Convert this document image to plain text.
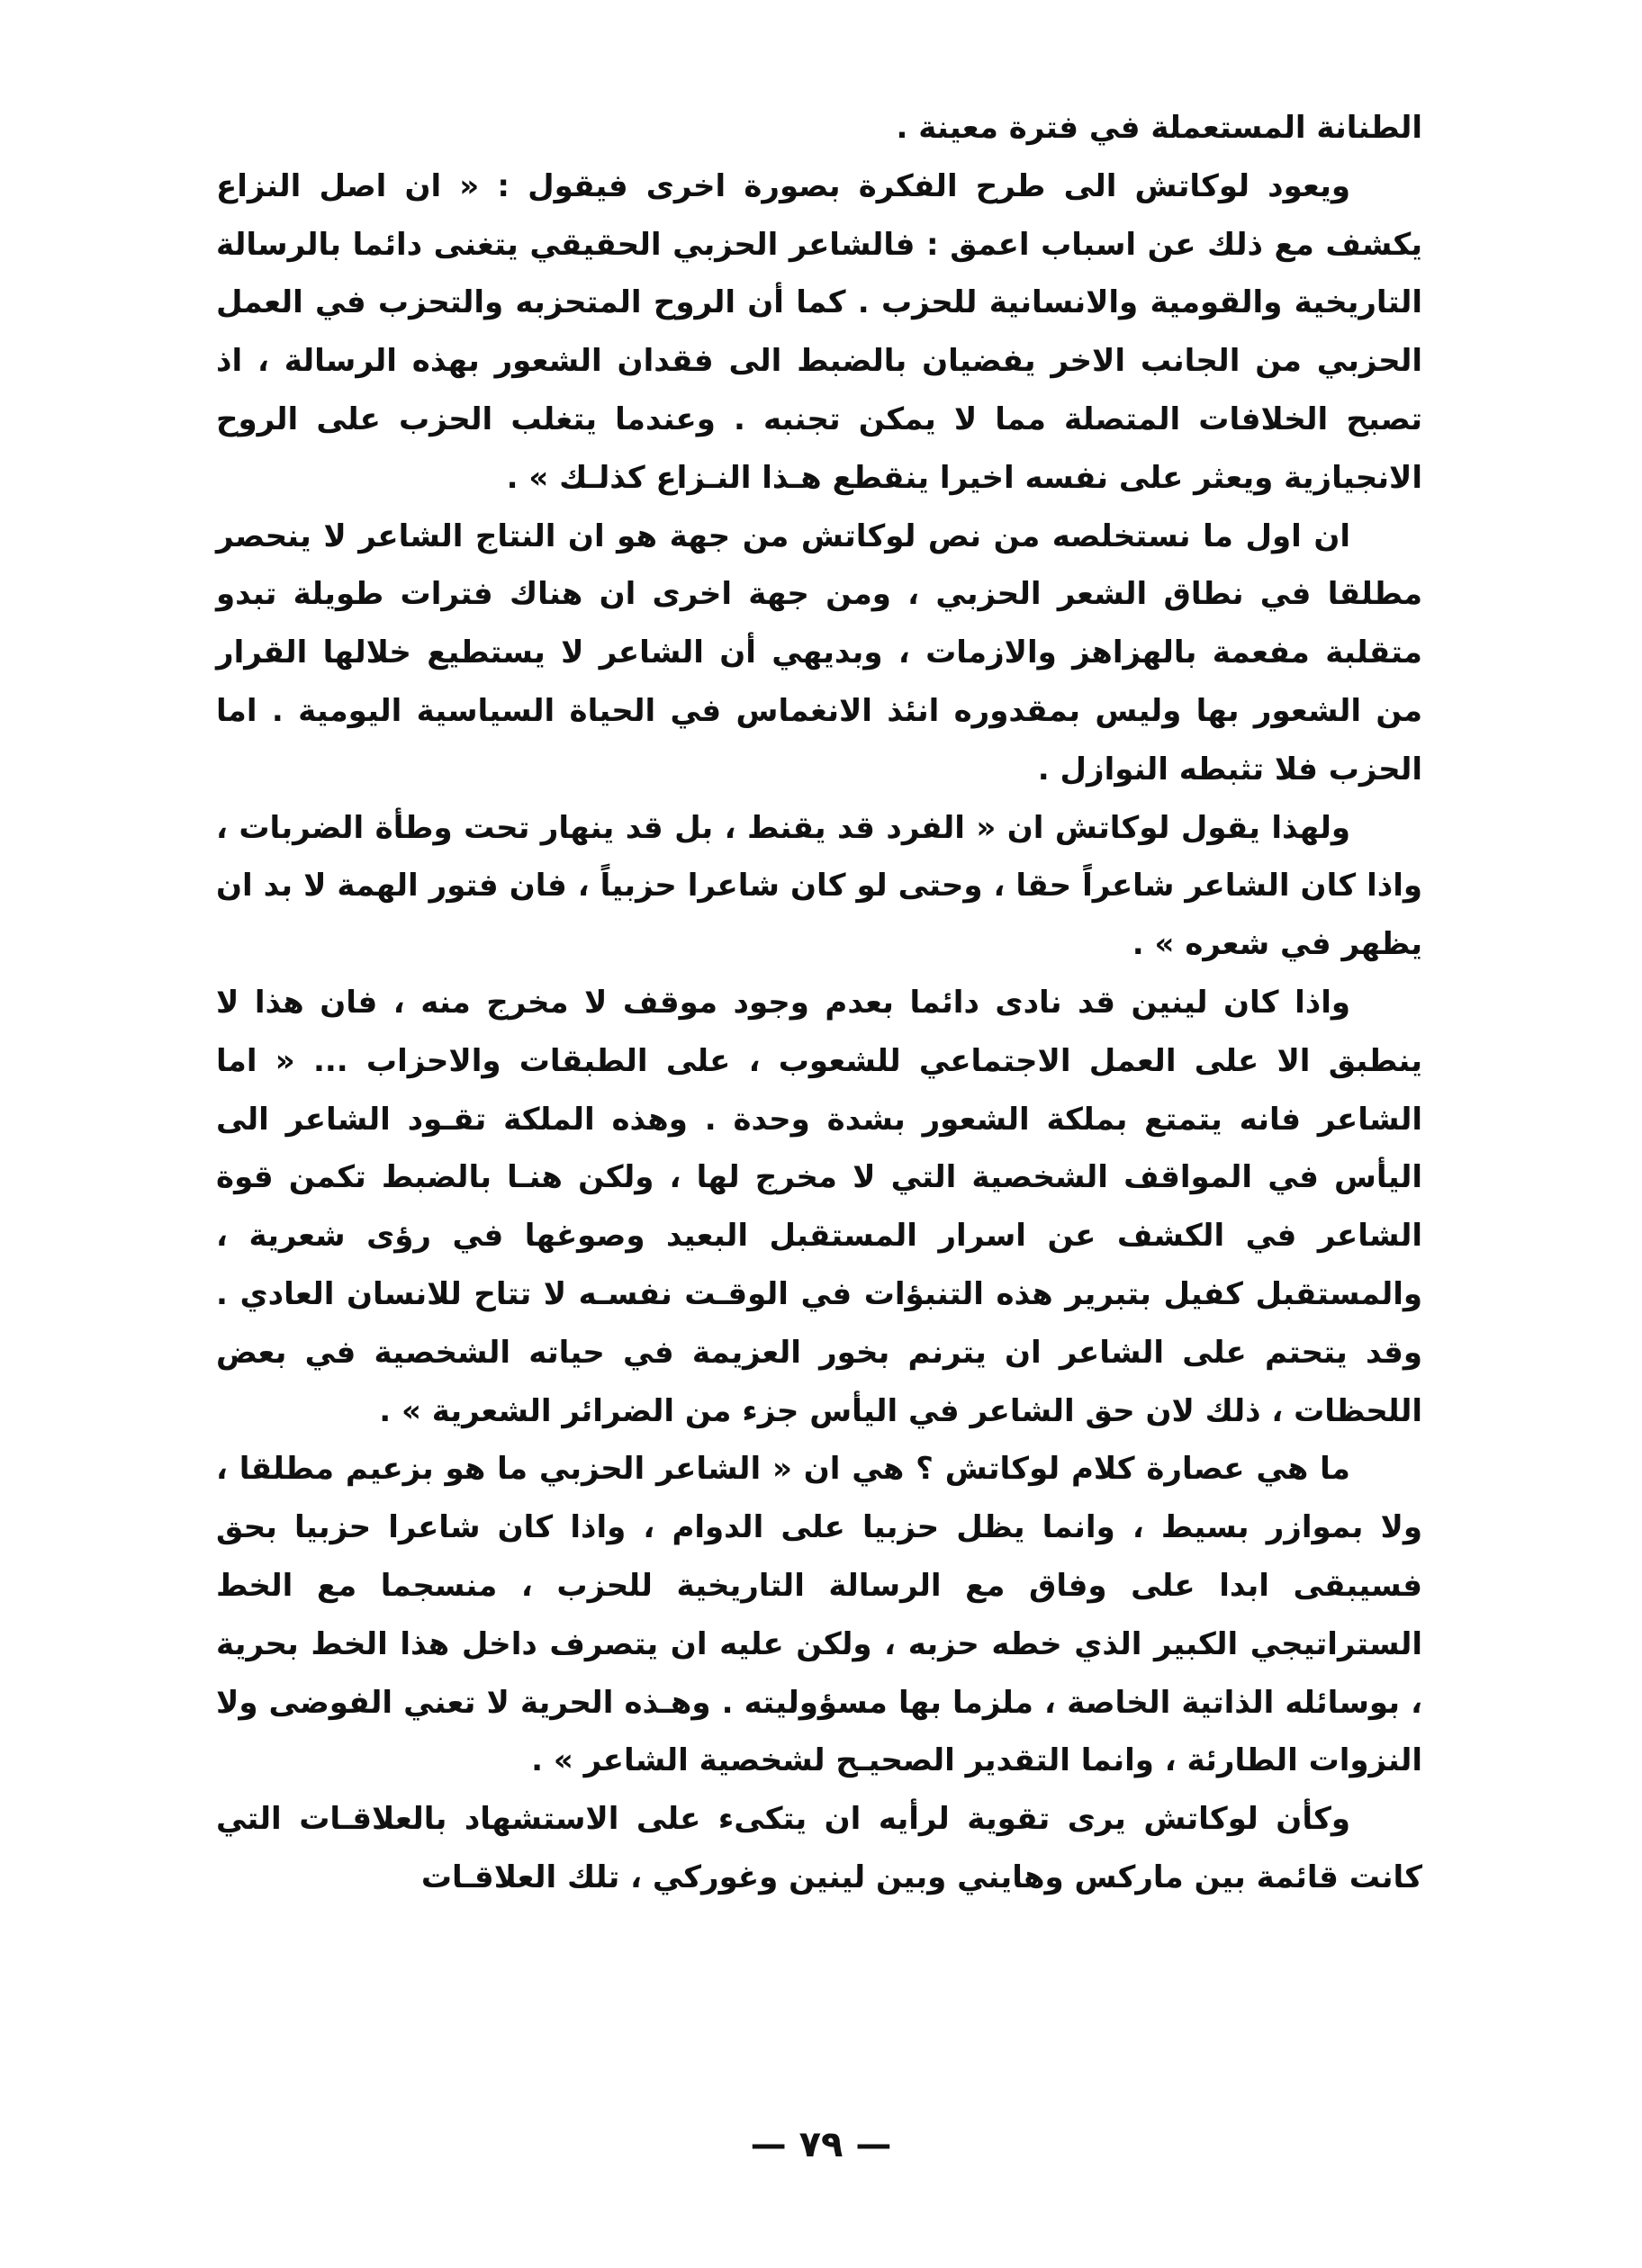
الطنانة المستعملة في فترة معينة .

ويعود لوكاتش الى طرح الفكرة بصورة اخرى فيقول : « ان اصل النزاع يكشف مع ذلك عن اسباب اعمق : فالشاعر الحزبي الحقيقي يتغنى دائما بالرسالة التاريخية والقومية والانسانية للحزب . كما أن الروح المتحزبه والتحزب في العمل الحزبي من الجانب الاخر يفضيان بالضبط الى فقدان الشعور بهذه الرسالة ، اذ تصبح الخلافات المتصلة مما لا يمكن تجنبه . وعندما يتغلب الحزب على الروح الانجيازية ويعثر على نفسه اخيرا ينقطع هـذا النـزاع كذلـك » .

ان اول ما نستخلصه من نص لوكاتش من جهة هو ان النتاج الشاعر لا ينحصر مطلقا في نطاق الشعر الحزبي ، ومن جهة اخرى ان هناك فترات طويلة تبدو متقلبة مفعمة بالهزاهز والازمات ، وبديهي أن الشاعر لا يستطيع خلالها القرار من الشعور بها وليس بمقدوره انئذ الانغماس في الحياة السياسية اليومية . اما الحزب فلا تثبطه النوازل .

ولهذا يقول لوكاتش ان « الفرد قد يقنط ، بل قد ينهار تحت وطأة الضربات ، واذا كان الشاعر شاعراً حقا ، وحتى لو كان شاعرا حزبياً ، فان فتور الهمة لا بد ان يظهر في شعره » .

واذا كان لينين قد نادى دائما بعدم وجود موقف لا مخرج منه ، فان هذا لا ينطبق الا على العمل الاجتماعي للشعوب ، على الطبقات والاحزاب ... « اما الشاعر فانه يتمتع بملكة الشعور بشدة وحدة . وهذه الملكة تقـود الشاعر الى اليأس في المواقف الشخصية التي لا مخرج لها ، ولكن هنـا بالضبط تكمن قوة الشاعر في الكشف عن اسرار المستقبل البعيد وصوغها في رؤى شعرية ، والمستقبل كفيل بتبرير هذه التنبؤات في الوقـت نفسـه لا تتاح للانسان العادي . وقد يتحتم على الشاعر ان يترنم بخور العزيمة في حياته الشخصية في بعض اللحظات ، ذلك لان حق الشاعر في اليأس جزء من الضرائر الشعرية » .

ما هي عصارة كلام لوكاتش ؟ هي ان « الشاعر الحزبي ما هو بزعيم مطلقا ، ولا بموازر بسيط ، وانما يظل حزبيا على الدوام ، واذا كان شاعرا حزبيا بحق فسيبقى ابدا على وفاق مع الرسالة التاريخية للحزب ، منسجما مع الخط الستراتيجي الكبير الذي خطه حزبه ، ولكن عليه ان يتصرف داخل هذا الخط بحرية ، بوسائله الذاتية الخاصة ، ملزما بها مسؤوليته . وهـذه الحرية لا تعني الفوضى ولا النزوات الطارئة ، وانما التقدير الصحيـح لشخصية الشاعر » .

وكأن لوكاتش يرى تقوية لرأيه ان يتكىء على الاستشهاد بالعلاقـات التي كانت قائمة بين ماركس وهايني وبين لينين وغوركي ، تلك العلاقـات

— ٧٩ —
